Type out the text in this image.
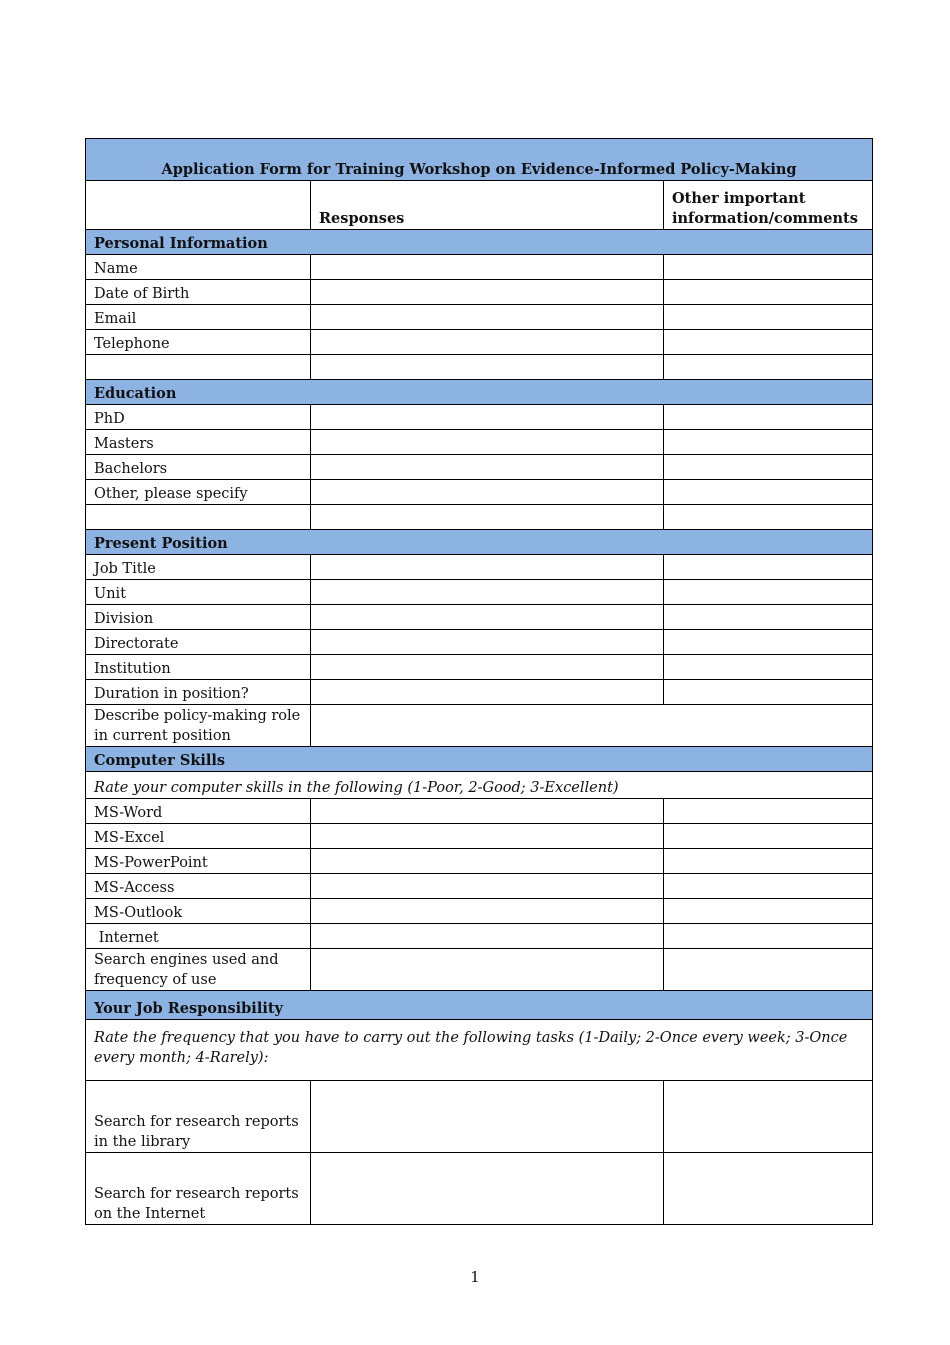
Application Form for Training Workshop on Evidence-Informed Policy-Making		
	Responses	Other important information/comments
Personal Information		
Name		
Date of Birth		
Email		
Telephone		

Education		
PhD		
Masters		
Bachelors		
Other, please specify		

Present Position		
Job Title		
Unit		
Division		
Directorate		
Institution		
Duration in position?		
Describe policy-making role in current position		
Computer Skills		
Rate your computer skills in the following (1-Poor, 2-Good; 3-Excellent)		
MS-Word		
MS-Excel		
MS-PowerPoint		
MS-Access		
MS-Outlook		
Internet		
Search engines used and frequency of use		
Your Job Responsibility		
Rate the frequency that you have to carry out the following tasks (1-Daily; 2-Once every week; 3-Once every month; 4-Rarely):		
Search for research reports in the library		
Search for research reports on the Internet		
1
